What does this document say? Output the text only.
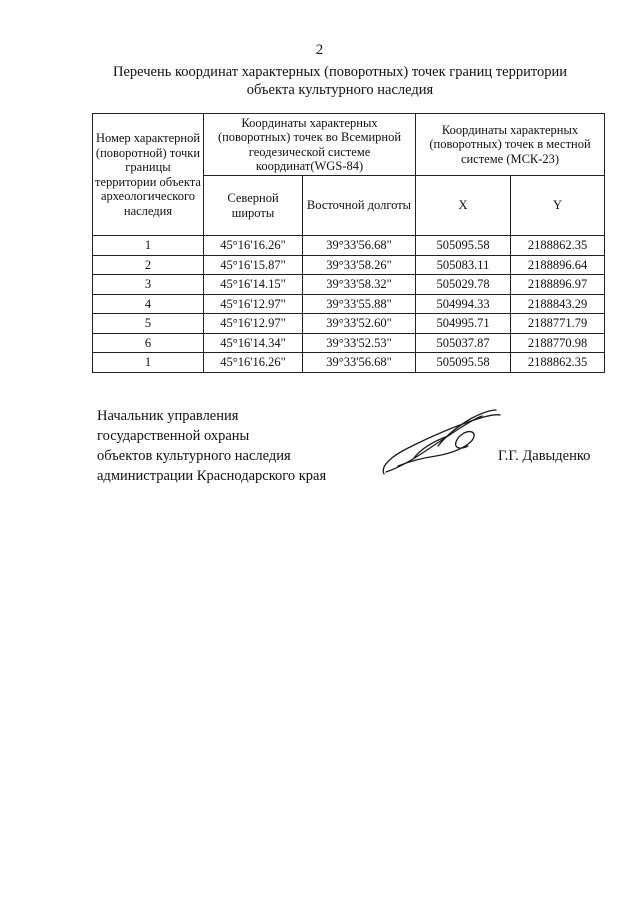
2
Перечень координат характерных (поворотных) точек границ территории
объекта культурного наследия
Номер характерной (поворотной) точки границы территории объекта археологического наследия	Координаты характерных (поворотных) точек во Всемирной геодезической системе координат(WGS-84)		Координаты характерных (поворотных) точек в местной системе (МСК-23)	
	Северной широты	Восточной долготы	X	Y
1	45°16'16.26"	39°33'56.68"	505095.58	2188862.35
2	45°16'15.87"	39°33'58.26"	505083.11	2188896.64
3	45°16'14.15"	39°33'58.32"	505029.78	2188896.97
4	45°16'12.97"	39°33'55.88"	504994.33	2188843.29
5	45°16'12.97"	39°33'52.60"	504995.71	2188771.79
6	45°16'14.34"	39°33'52.53"	505037.87	2188770.98
1	45°16'16.26"	39°33'56.68"	505095.58	2188862.35
Начальник управления
государственной охраны
объектов культурного наследия
администрации Краснодарского края
Г.Г. Давыденко
